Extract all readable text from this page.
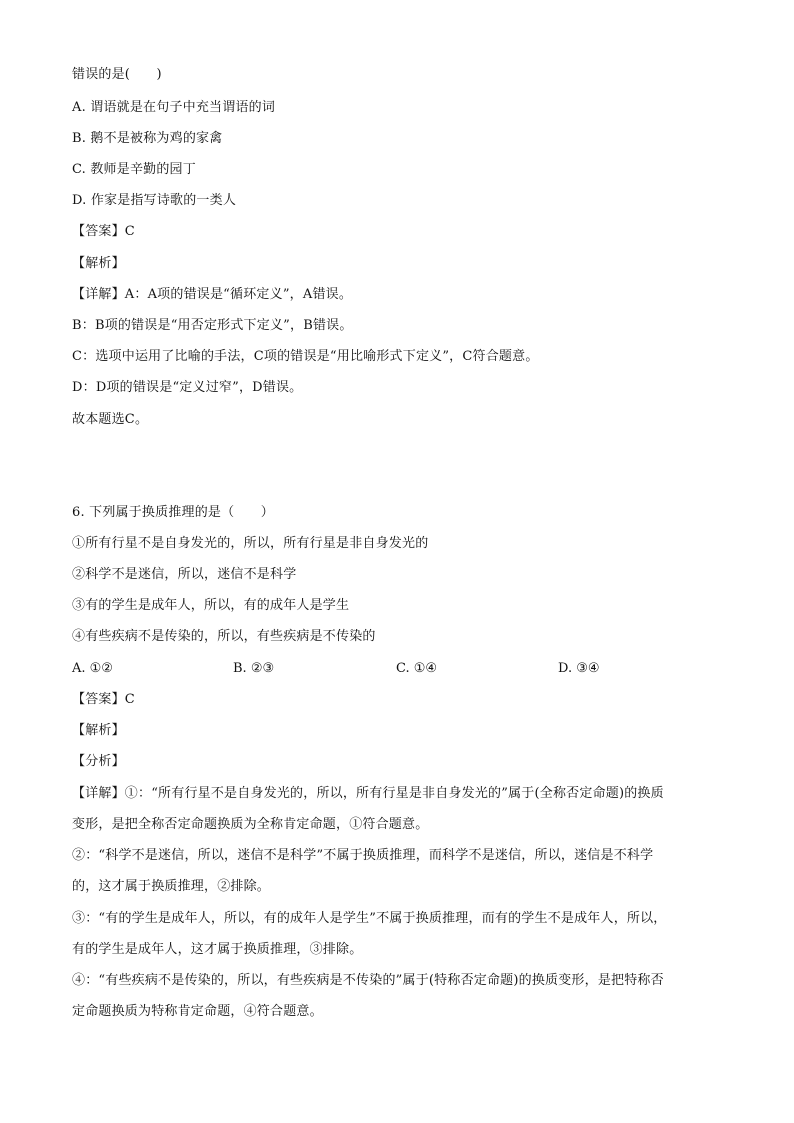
错误的是(　　)
A. 谓语就是在句子中充当谓语的词
B. 鹅不是被称为鸡的家禽
C. 教师是辛勤的园丁
D. 作家是指写诗歌的一类人
【答案】C
【解析】
【详解】A：A项的错误是“循环定义”，A错误。
B：B项的错误是“用否定形式下定义”，B错误。
C：选项中运用了比喻的手法，C项的错误是“用比喻形式下定义”，C符合题意。
D：D项的错误是“定义过窄”，D错误。
故本题选C。
6. 下列属于换质推理的是（　　）
①所有行星不是自身发光的，所以，所有行星是非自身发光的
②科学不是迷信，所以，迷信不是科学
③有的学生是成年人，所以，有的成年人是学生
④有些疾病不是传染的，所以，有些疾病是不传染的
A. ①②	B. ②③	C. ①④	D. ③④
【答案】C
【解析】
【分析】
【详解】①：“所有行星不是自身发光的，所以，所有行星是非自身发光的”属于(全称否定命题)的换质
变形，是把全称否定命题换质为全称肯定命题，①符合题意。
②：“科学不是迷信，所以，迷信不是科学”不属于换质推理，而科学不是迷信，所以，迷信是不科学
的，这才属于换质推理，②排除。
③：“有的学生是成年人，所以，有的成年人是学生”不属于换质推理，而有的学生不是成年人，所以，
有的学生是成年人，这才属于换质推理，③排除。
④：“有些疾病不是传染的，所以，有些疾病是不传染的”属于(特称否定命题)的换质变形，是把特称否
定命题换质为特称肯定命题，④符合题意。
